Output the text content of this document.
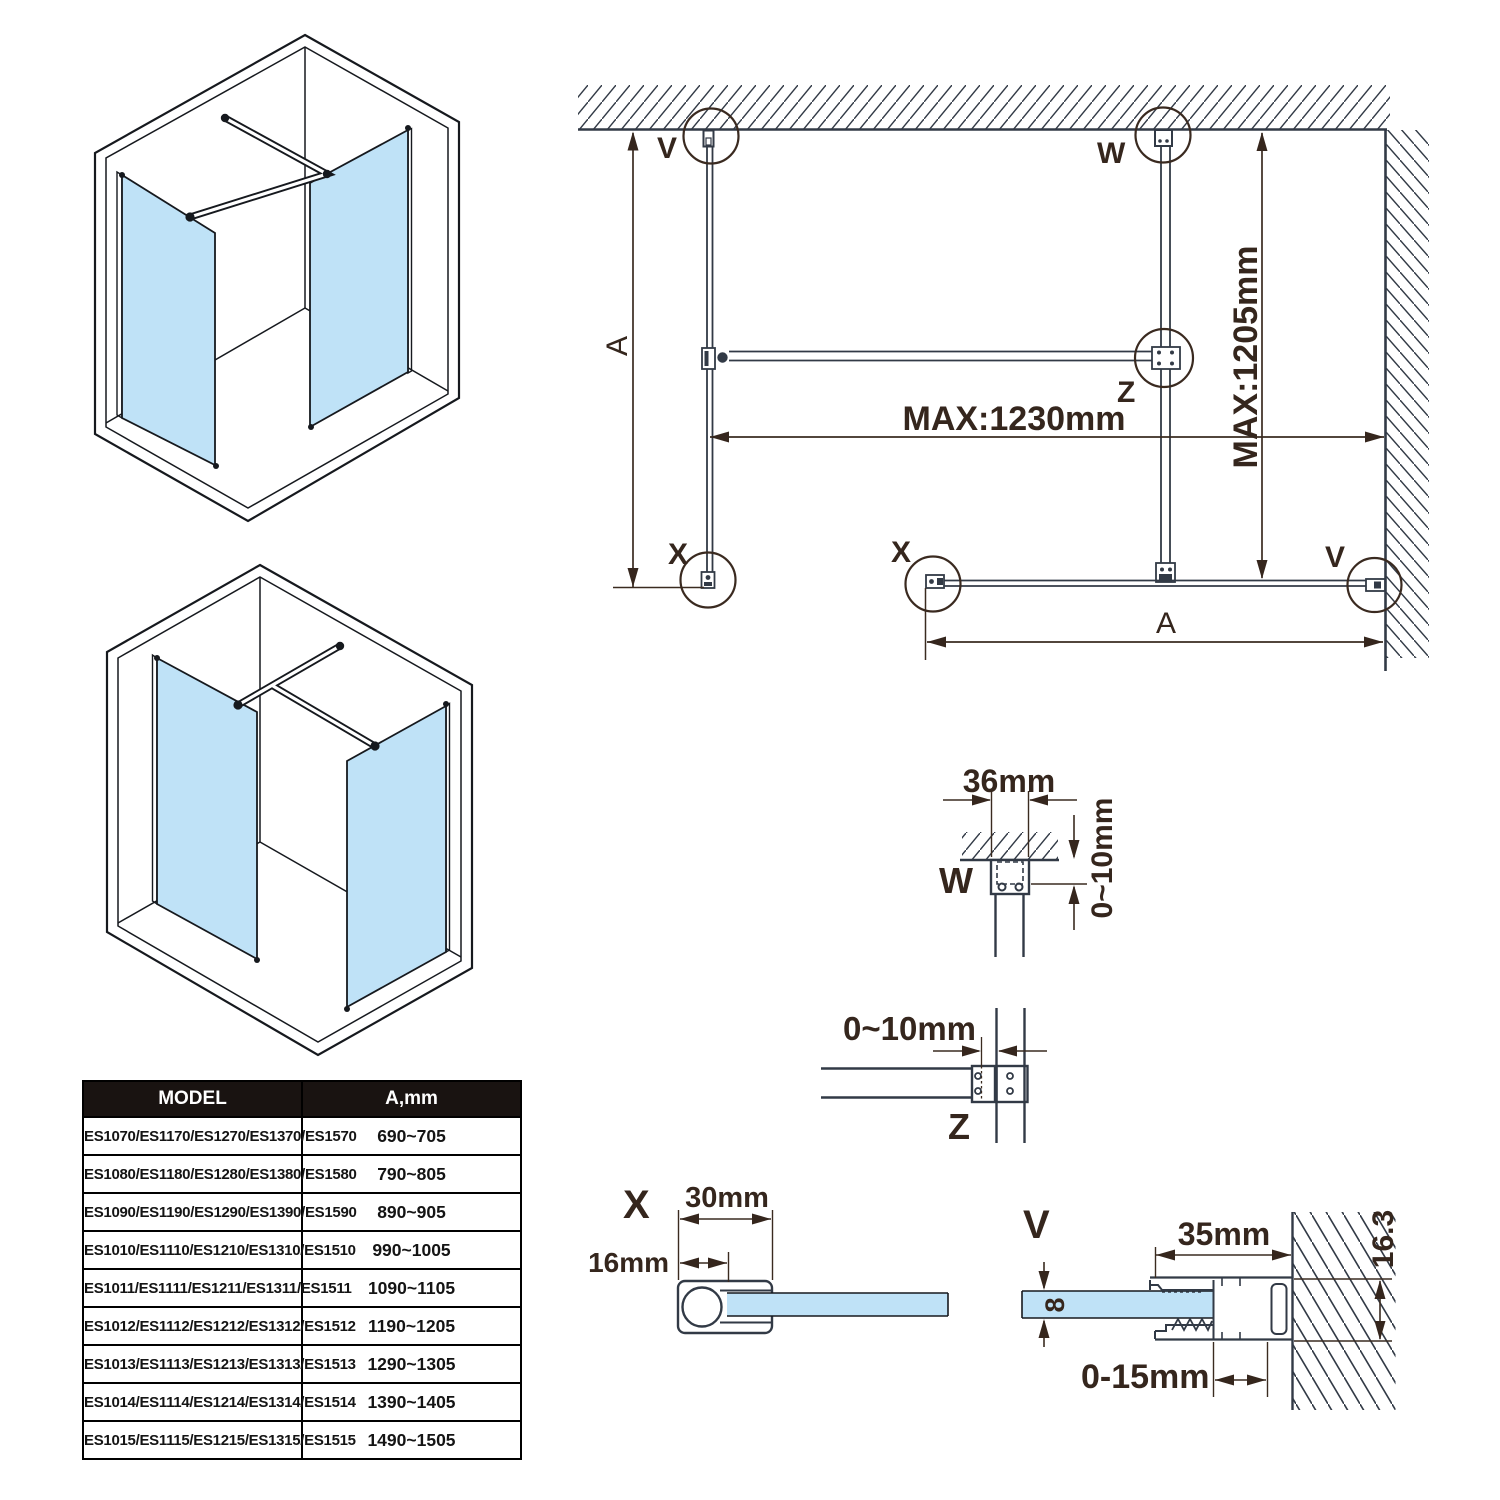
V	W
Z
X	X	V
A
A
MAX:1230mm	MAX:1205mm
W
36mm
0~10mm
Z
0~10mm
X 30mm
16mm
V	35mm
8
0-15mm
16.3
MODEL	A,mm
ES1070/ES1170/ES1270/ES1370/ES1570	690~705
ES1080/ES1180/ES1280/ES1380/ES1580	790~805
ES1090/ES1190/ES1290/ES1390/ES1590	890~905
ES1010/ES1110/ES1210/ES1310/ES1510	990~1005
ES1011/ES1111/ES1211/ES1311/ES1511	1090~1105
ES1012/ES1112/ES1212/ES1312/ES1512	1190~1205
ES1013/ES1113/ES1213/ES1313/ES1513	1290~1305
ES1014/ES1114/ES1214/ES1314/ES1514	1390~1405
ES1015/ES1115/ES1215/ES1315/ES1515	1490~1505
